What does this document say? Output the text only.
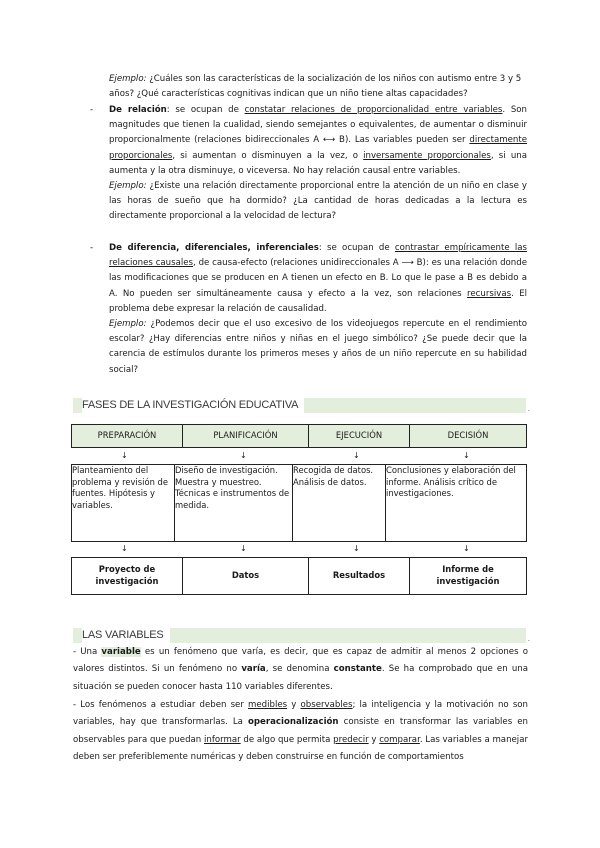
Ejemplo: ¿Cuáles son las características de la socialización de los niños con autismo entre 3 y 5 años? ¿Qué características cognitivas indican que un niño tiene altas capacidades?
- De relación: se ocupan de constatar relaciones de proporcionalidad entre variables. Son magnitudes que tienen la cualidad, siendo semejantes o equivalentes, de aumentar o disminuir proporcionalmente (relaciones bidireccionales A ⟷ B). Las variables pueden ser directamente proporcionales, si aumentan o disminuyen a la vez, o inversamente proporcionales, si una aumenta y la otra disminuye, o viceversa. No hay relación causal entre variables.
Ejemplo: ¿Existe una relación directamente proporcional entre la atención de un niño en clase y las horas de sueño que ha dormido? ¿La cantidad de horas dedicadas a la lectura es directamente proporcional a la velocidad de lectura?
- De diferencia, diferenciales, inferenciales: se ocupan de contrastar empíricamente las relaciones causales, de causa-efecto (relaciones unidireccionales A ⟶ B): es una relación donde las modificaciones que se producen en A tienen un efecto en B. Lo que le pase a B es debido a A. No pueden ser simultáneamente causa y efecto a la vez, son relaciones recursivas. El problema debe expresar la relación de causalidad.
Ejemplo: ¿Podemos decir que el uso excesivo de los videojuegos repercute en el rendimiento escolar? ¿Hay diferencias entre niños y niñas en el juego simbólico? ¿Se puede decir que la carencia de estímulos durante los primeros meses y años de un niño repercute en su habilidad social?
FASES DE LA INVESTIGACIÓN EDUCATIVA	.
PREPARACIÓN	PLANIFICACIÓN	EJECUCIÓN	DECISIÓN
↓	↓	↓	↓
Planteamiento del problema y revisión de fuentes. Hipótesis y variables.	Diseño de investigación. Muestra y muestreo. Técnicas e instrumentos de medida.	Recogida de datos. Análisis de datos.	Conclusiones y elaboración del informe. Análisis crítico de investigaciones.
↓	↓	↓	↓
Proyecto de investigación	Datos	Resultados	Informe de investigación
LAS VARIABLES	.
- Una variable es un fenómeno que varía, es decir, que es capaz de admitir al menos 2 opciones o valores distintos. Si un fenómeno no varía, se denomina constante. Se ha comprobado que en una situación se pueden conocer hasta 110 variables diferentes.
- Los fenómenos a estudiar deben ser medibles y observables; la inteligencia y la motivación no son variables, hay que transformarlas. La operacionalización consiste en transformar las variables en observables para que puedan informar de algo que permita predecir y comparar. Las variables a manejar deben ser preferiblemente numéricas y deben construirse en función de comportamientos
